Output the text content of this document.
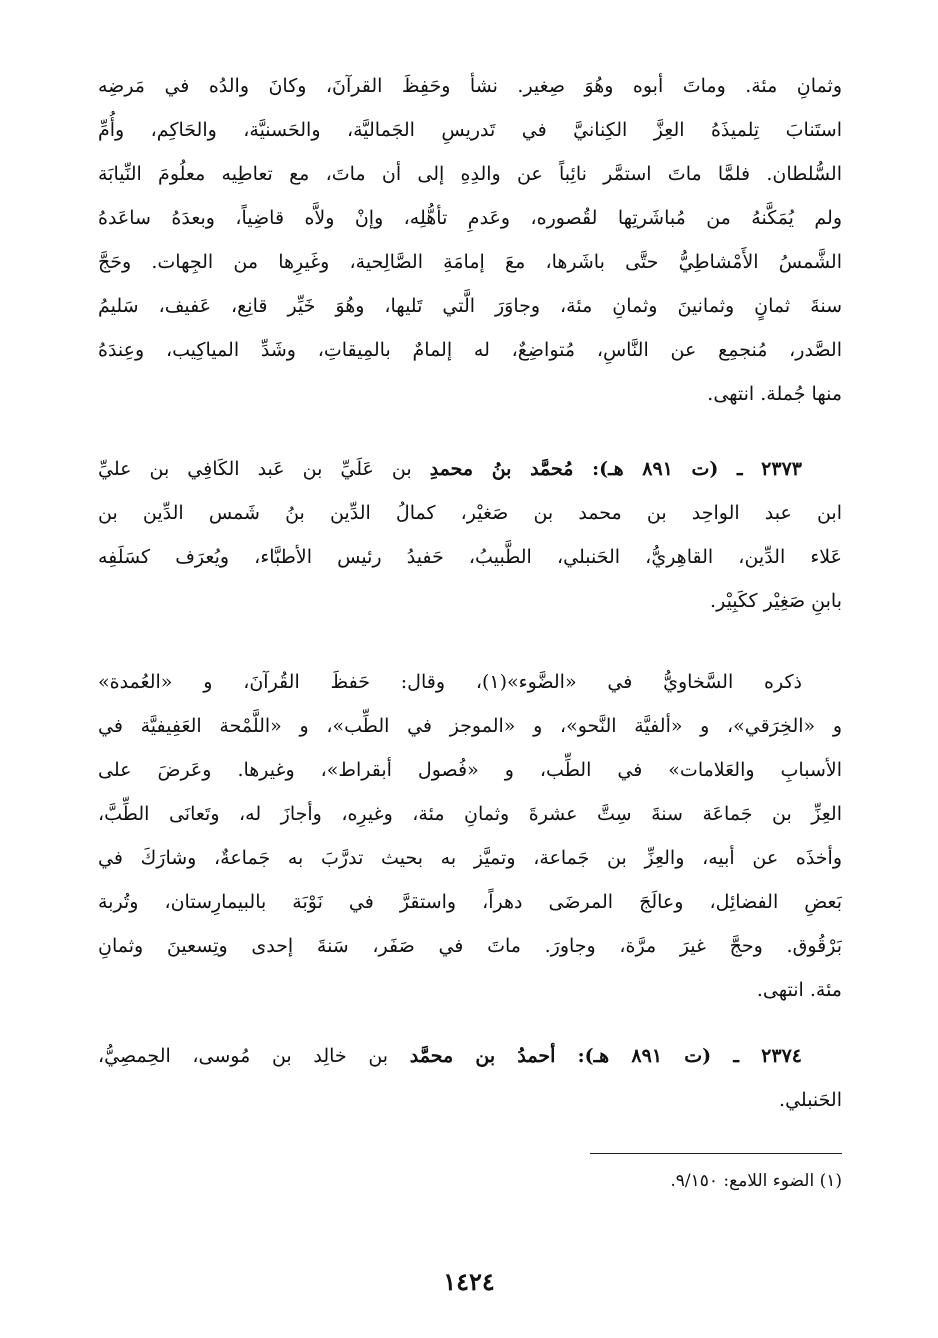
وثمانِ مئة. وماتَ أبوه وهُوَ صِغير. نشأ وحَفِظَ القرآنَ، وكانَ والدُه في مَرضِه
استَنابَ تِلميذَهُ العِزَّ الكِنانيَّ في تَدريسِ الجَماليَّة، والحَسنيَّة، والحَاكِم، وأُمِّ
السُّلطان. فلمَّا ماتَ استمَّر نائِباً عن والدِهِ إلى أن ماتَ، مع تعاطِيه معلُومَ النِّيابَة
ولم يُمَكَّنهُ من مُباشَرتِها لقُصوره، وعَدمِ تأهُّلِه، وإنْ ولاَّه قاضِياً، وبعدَهُ ساعَدهُ
الشَّمسُ الأَمْشاطِيُّ حتَّى باشَرها، معَ إمامَةِ الصَّالِحية، وغَيرِها من الجِهات. وحَجَّ
سنةَ ثمانٍ وثمانينَ وثمانِ مئة، وجاوَرَ الَّتي تَليها، وهُوَ خَيِّر قانِع، عَفيف، سَليمُ
الصَّدر، مُنجمِع عن النَّاسِ، مُتواضِعٌ، له إلمامٌ بالمِيقاتِ، وشَدِّ المياكِيب، وعِندَهُ
منها جُملة. انتهى.
٢٣٧٣ ـ (ت ٨٩١ هـ): مُحمَّد بنُ محمدِ بن عَلَيِّ بن عَبد الكَافِي بن عليِّ
ابن عبد الواحِد بن محمد بن صَغيْر، كمالُ الدِّين بنُ شَمس الدِّين بن
عَلاء الدِّين، القاهِريُّ، الحَنبلي، الطَّبيبُ، حَفيدُ رئيس الأطبَّاء، ويُعرَف كسَلَفِه
بابنِ صَغِيْر ككَبِيْر.
ذكره السَّخاويُّ في «الضَّوء»(١)، وقال: حَفظَ القُرآنَ، و «العُمدة»
و «الخِرَقي»، و «ألفيَّة النَّحو»، و «الموجز في الطِّب»، و «اللَّمْحة العَفِيفيَّة في
الأسبابِ والعَلامات» في الطِّب، و «فُصول أبقراط»، وغيرها. وعَرضَ على
العِزِّ بن جَماعَة سنةَ سِتَّ عشرةَ وثمانِ مئة، وغيرِه، وأجازَ له، وتَعانَى الطِّبَّ،
وأخذَه عن أبيه، والعِزِّ بن جَماعة، وتميَّز به بحيث تدرَّبَ به جَماعةٌ، وشارَكَ في
بَعضِ الفضائِل، وعالَجَ المرضَى دهراً، واستقرَّ في نَوْبَة بالبيمارِستان، وتُربة
بَرْقُوق. وحجَّ غيرَ مرَّة، وجاورَ. ماتَ في صَفَر، سَنةَ إحدى وتِسعينَ وثمانِ
مئة. انتهى.
٢٣٧٤ ـ (ت ٨٩١ هـ): أحمدُ بن محمَّد بن خالِد بن مُوسى، الحِمصِيُّ،
الحَنبلي.
(١) الضوء اللامع: ٩/١٥٠.
١٤٢٤
